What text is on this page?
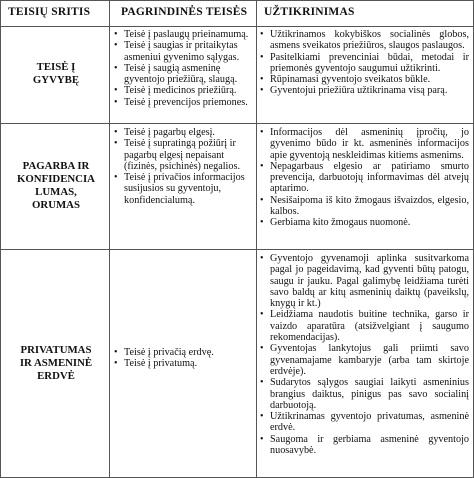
TEISIŲ SRITIS	PAGRINDINĖS TEISĖS UŽTIKRINIMAS
TEISĖ Į
GYVYBĘ
• Teisė į paslaugų prieinamumą.
• Teisė į saugias ir pritaikytas asmeniui gyvenimo sąlygas.
• Teisė į saugią asmeninę gyventojo priežiūrą, slaugą.
• Teisė į medicinos priežiūrą.
• Teisė į prevencijos priemones.
• Užtikrinamos kokybiškos socialinės globos, asmens sveikatos priežiūros, slaugos paslaugos.
• Pasitelkiami prevenciniai būdai, metodai ir priemonės gyventojo saugumui užtikrinti.
• Rūpinamasi gyventojo sveikatos būkle.
• Gyventojui priežiūra užtikrinama visą parą.
PAGARBA IR
KONFIDENCIA
LUMAS,
ORUMAS
• Teisė į pagarbų elgesį.
• Teisė į supratingą požiūrį ir pagarbų elgesį nepaisant (fizinės, psichinės) negalios.
• Teisė į privačios informacijos susijusios su gyventoju, konfidencialumą.
• Informacijos dėl asmeninių įpročių, jo gyvenimo būdo ir kt. asmeninės informacijos apie gyventoją neskleidimas kitiems asmenims.
• Nepagarbaus elgesio ar patiriamo smurto prevencija, darbuotojų informavimas dėl atvejų aptarimo.
• Nesišaipoma iš kito žmogaus išvaizdos, elgesio, kalbos.
• Gerbiama kito žmogaus nuomonė.
PRIVATUMAS
IR ASMENINĖ
ERDVĖ
• Teisė į privačią erdvę.
• Teisė į privatumą.
• Gyventojo gyvenamoji aplinka susitvarkoma pagal jo pageidavimą, kad gyventi būtų patogu, saugu ir jauku. Pagal galimybę leidžiama turėti savo baldų ar kitų asmeninių daiktų (paveikslų, knygų ir kt.)
• Leidžiama naudotis buitine technika, garso ir vaizdo aparatūra (atsižvelgiant į saugumo rekomendacijas).
• Gyventojas lankytojus gali priimti savo gyvenamajame kambaryje (arba tam skirtoje erdvėje).
• Sudarytos sąlygos saugiai laikyti asmeninius brangius daiktus, pinigus pas savo socialinį darbuotoją.
• Užtikrinamas gyventojo privatumas, asmeninė erdvė.
• Saugoma ir gerbiama asmeninė gyventojo nuosavybė.
